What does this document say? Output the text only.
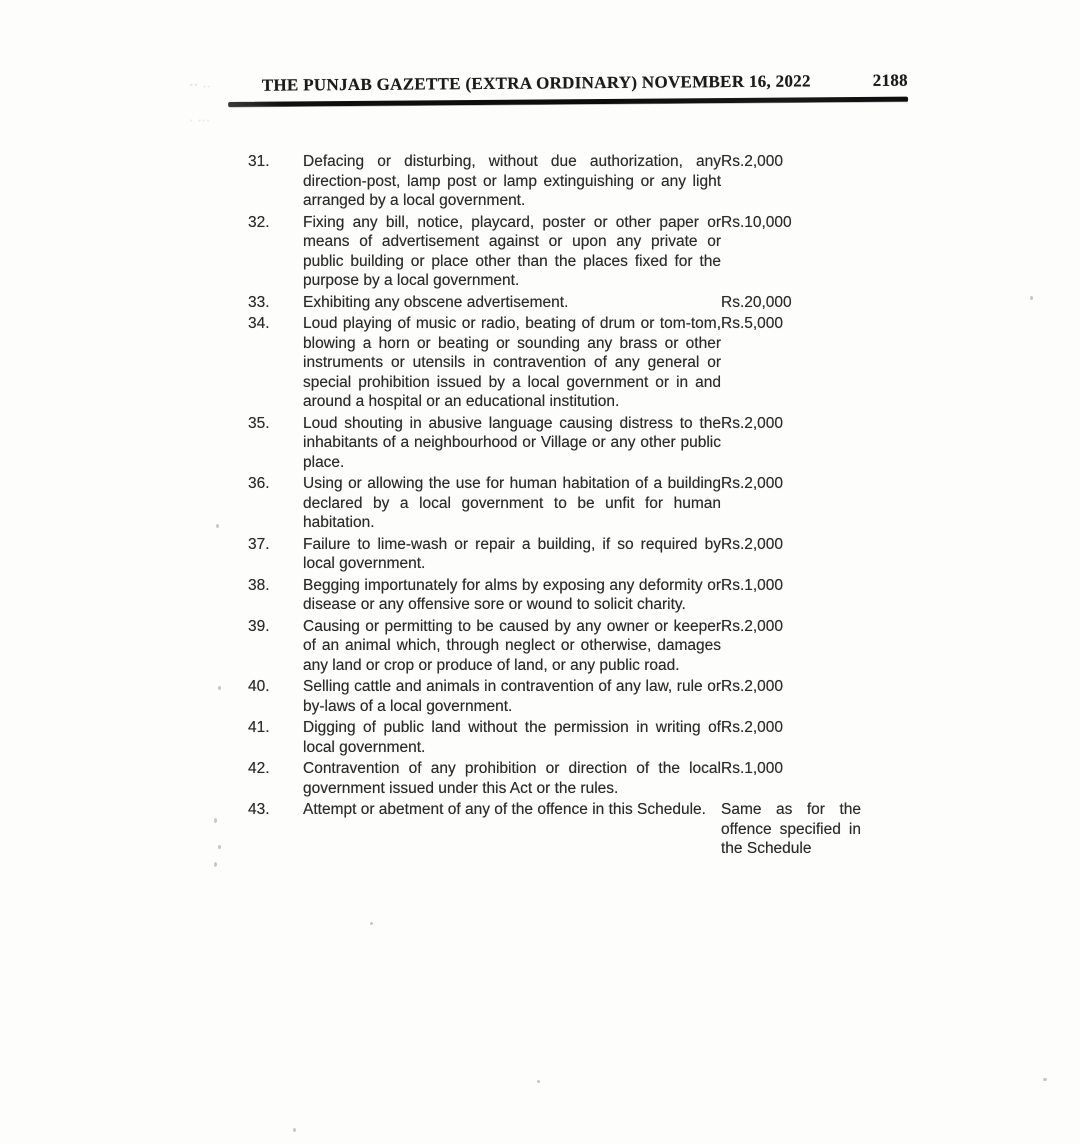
-- ..
. ...
THE PUNJAB GAZETTE (EXTRA ORDINARY) NOVEMBER 16, 2022	2188
31.	Defacing or disturbing, without due authorization, any direction-post, lamp post or lamp extinguishing or any light arranged by a local government.	Rs.2,000
32.	Fixing any bill, notice, playcard, poster or other paper or means of advertisement against or upon any private or public building or place other than the places fixed for the purpose by a local government.	Rs.10,000
33.	Exhibiting any obscene advertisement.	Rs.20,000
34.	Loud playing of music or radio, beating of drum or tom-tom, blowing a horn or beating or sounding any brass or other instruments or utensils in contravention of any general or special prohibition issued by a local government or in and around a hospital or an educational institution.	Rs.5,000
35.	Loud shouting in abusive language causing distress to the inhabitants of a neighbourhood or Village or any other public place.	Rs.2,000
36.	Using or allowing the use for human habitation of a building declared by a local government to be unfit for human habitation.	Rs.2,000
37.	Failure to lime-wash or repair a building, if so required by local government.	Rs.2,000
38.	Begging importunately for alms by exposing any deformity or disease or any offensive sore or wound to solicit charity.	Rs.1,000
39.	Causing or permitting to be caused by any owner or keeper of an animal which, through neglect or otherwise, damages any land or crop or produce of land, or any public road.	Rs.2,000
40.	Selling cattle and animals in contravention of any law, rule or by-laws of a local government.	Rs.2,000
41.	Digging of public land without the permission in writing of local government.	Rs.2,000
42.	Contravention of any prohibition or direction of the local government issued under this Act or the rules.	Rs.1,000
43.	Attempt or abetment of any of the offence in this Schedule.	Same as for the offence specified in the Schedule
